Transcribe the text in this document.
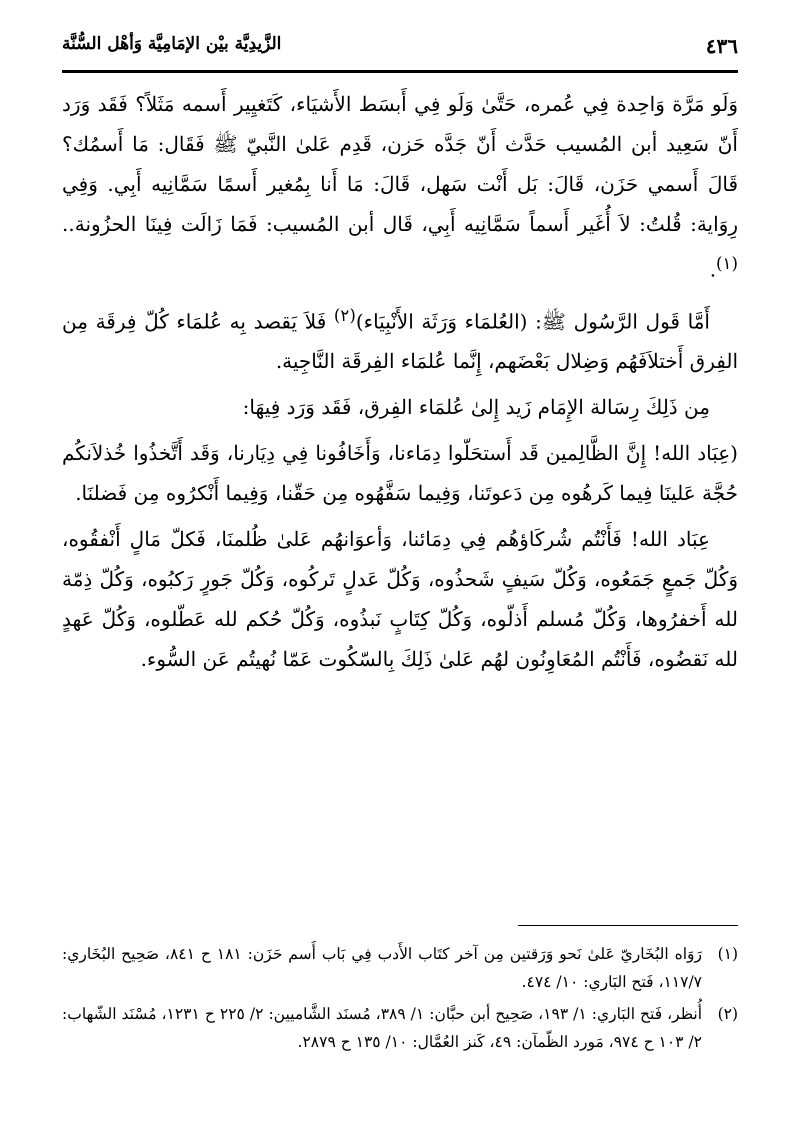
٤٣٦
الزَّيدِيَّة بيْن الإمَامِيَّة وَأهْل السُّنَّة

وَلَو مَرَّة وَاحِدة فِي عُمره، حَتَّىٰ وَلَو فِي أَبسَط الأَشيَاء، كَتَغيِير أَسمه مَثَلاً؟ فَقَد وَرَد أَنّ سَعِيد أبن المُسيب حَدَّث أَنّ جَدَّه حَزن، قَدِم عَلىٰ النَّبيّ ﷺ فَقَال: مَا أَسمُك؟ قَالَ أَسمي حَزَن، قَالَ: بَل أَنْت سَهل، قَالَ: مَا أَنا بِمُغير أَسمًا سَمَّانِيه أَبِي. وَفِي رِوَاية: قُلتُ: لاَ أُغَير أَسماً سَمَّانِيه أَبِي، قَال أبن المُسيب: فَمَا زَالَت فِينَا الحزُونة..$^{(١)}$.

أَمَّا قَول الرَّسُول ﷺ: (العُلمَاء وَرَثَة الأَنْبِيَاء)$^{(٢)}$ فَلاَ يَقصد بِه عُلمَاء كُلّ فِرقَة مِن الفِرق أَختلاَفَهُم وَضِلال بَعْضَهم، إِنَّما عُلمَاء الفِرقَة النَّاجِية.

مِن ذَلِكَ رِسَالة الإِمَام زَيد إِلىٰ عُلمَاء الفِرق، فَقَد وَرَد فِيهَا:

(عِبَاد الله! إِنَّ الظَّالِمين قَد أَستحَلّوا دِمَاءنا، وَأَخَافُونا فِي دِيَارنا، وَقَد أَتَّخذُوا خُذلاَنكُم حُجَّة عَلينَا فِيما كَرهُوه مِن دَعوتَنا، وَفِيما سَفَّهُوه مِن حَقّنا، وَفِيما أَنْكرُوه مِن فَضلنَا.

عِبَاد الله! فَأَنْتُم شُركَاؤهُم فِي دِمَائنا، وَأعوَانهُم عَلىٰ ظُلمنَا، فَكلّ مَالٍ أَنْفقُوه، وَكُلّ جَمعٍ جَمَعُوه، وَكُلّ سَيفٍ شَحذُوه، وَكُلّ عَدلٍ تَركُوه، وَكُلّ جَورٍ رَكبُوه، وَكُلّ ذِمّة لله أَخفرُوها، وَكُلّ مُسلم أَذلّوه، وَكُلّ كِتَابٍ نَبذُوه، وَكُلّ حُكم لله عَطّلوه، وَكُلّ عَهدٍ لله نَقضُوه، فَأَنْتُم المُعَاوِنُون لهُم عَلىٰ ذَلِكَ بِالسّكُوت عَمّا نُهيتُم عَن السُّوء.

(١)رَوَاه البُخَاريّ عَلىٰ نَحو وَرَقتين مِن آخر كتَاب الأَدب فِي بَاب أَسم حَزَن: ١٨١ ح ٨٤١، صَحِيح البُخَاري: ١١٧/٧، فَتح البَاري: ١٠/ ٤٧٤.

(٢)أُنظر، فَتح البَاري: ١/ ١٩٣، صَحِيح أبن حبَّان: ١/ ٣٨٩، مُسنَد الشَّاميين: ٢/ ٢٢٥ ح ١٢٣١، مُسْنَد الشّهاب: ٢/ ١٠٣ ح ٩٧٤، مَورد الظّمآن: ٤٩، كَنز العُمَّال: ١٠/ ١٣٥ ح ٢٨٧٩.
